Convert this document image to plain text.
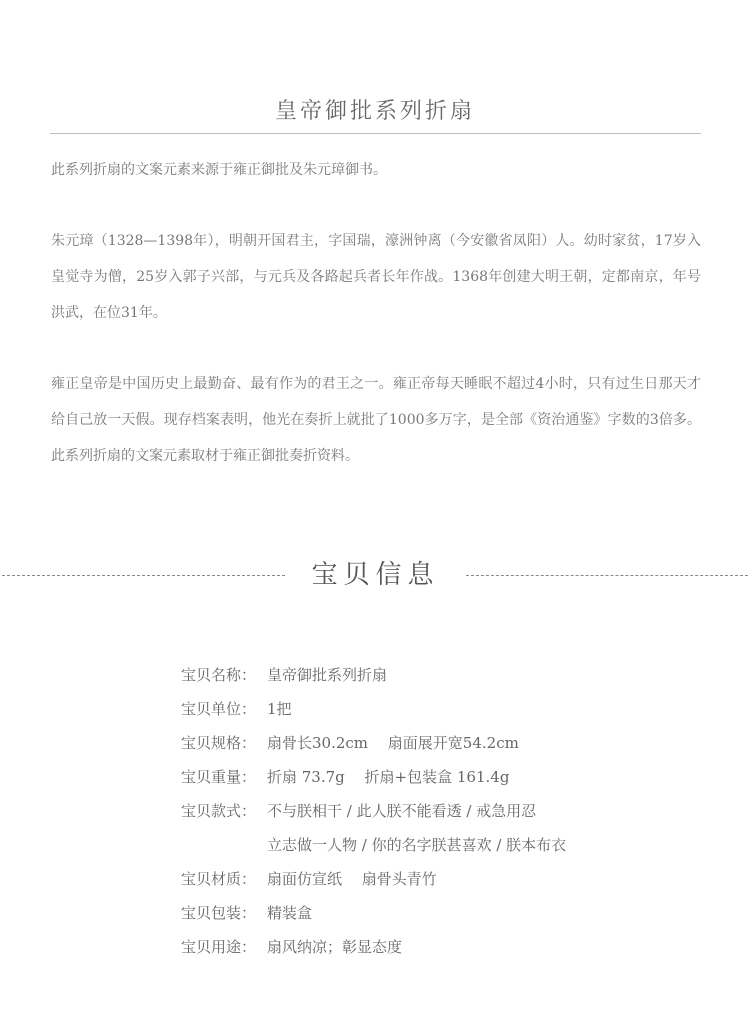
皇帝御批系列折扇

此系列折扇的文案元素来源于雍正御批及朱元璋御书。

朱元璋（1328—1398年），明朝开国君主，字国瑞，濠洲钟离（今安徽省凤阳）人。幼时家贫，17岁入皇觉寺为僧，25岁入郭子兴部，与元兵及各路起兵者长年作战。1368年创建大明王朝，定都南京，年号洪武，在位31年。

雍正皇帝是中国历史上最勤奋、最有作为的君王之一。雍正帝每天睡眠不超过4小时，只有过生日那天才给自己放一天假。现存档案表明，他光在奏折上就批了1000多万字，是全部《资治通鉴》字数的3倍多。此系列折扇的文案元素取材于雍正御批奏折资料。

宝贝信息
宝贝名称： 皇帝御批系列折扇
宝贝单位： 1把
宝贝规格： 扇骨长30.2cm　 扇面展开宽54.2cm
宝贝重量： 折扇 73.7g　 折扇+包装盒 161.4g
宝贝款式： 不与朕相干 / 此人朕不能看透 / 戒急用忍
立志做一人物 / 你的名字朕甚喜欢 / 朕本布衣
宝贝材质： 扇面仿宣纸　 扇骨头青竹
宝贝包装： 精装盒
宝贝用途： 扇风纳凉；彰显态度
